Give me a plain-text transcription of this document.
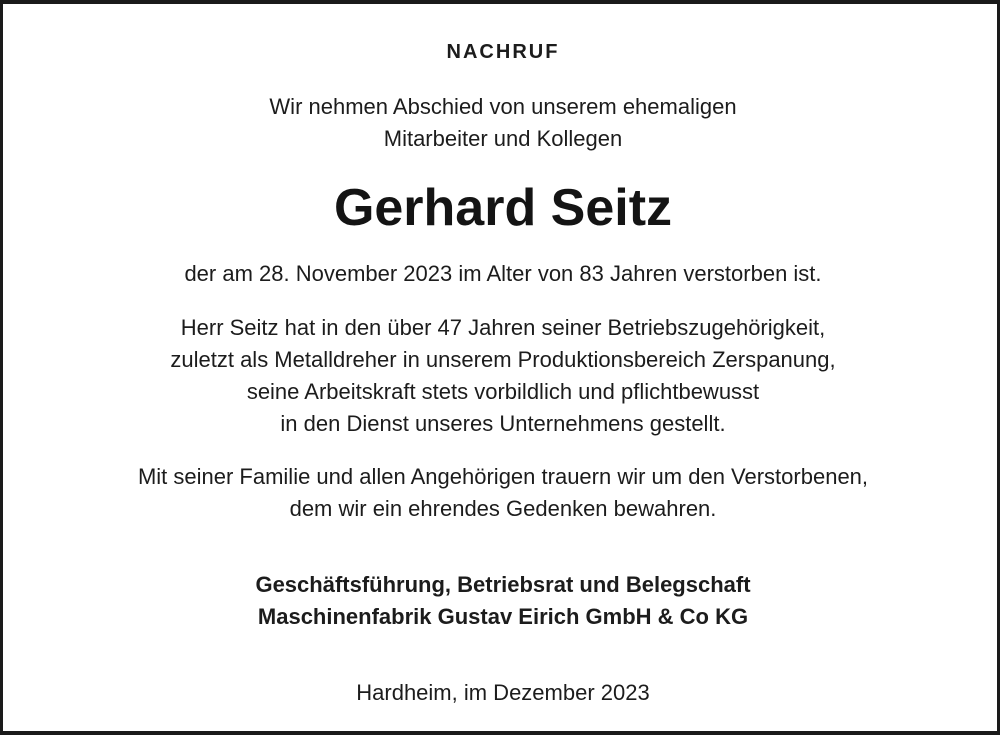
NACHRUF
Wir nehmen Abschied von unserem ehemaligen
Mitarbeiter und Kollegen
Gerhard Seitz
der am 28. November 2023 im Alter von 83 Jahren verstorben ist.
Herr Seitz hat in den über 47 Jahren seiner Betriebszugehörigkeit,
zuletzt als Metalldreher in unserem Produktionsbereich Zerspanung,
seine Arbeitskraft stets vorbildlich und pflichtbewusst
in den Dienst unseres Unternehmens gestellt.
Mit seiner Familie und allen Angehörigen trauern wir um den Verstorbenen,
dem wir ein ehrendes Gedenken bewahren.
Geschäftsführung, Betriebsrat und Belegschaft
Maschinenfabrik Gustav Eirich GmbH & Co KG
Hardheim, im Dezember 2023
